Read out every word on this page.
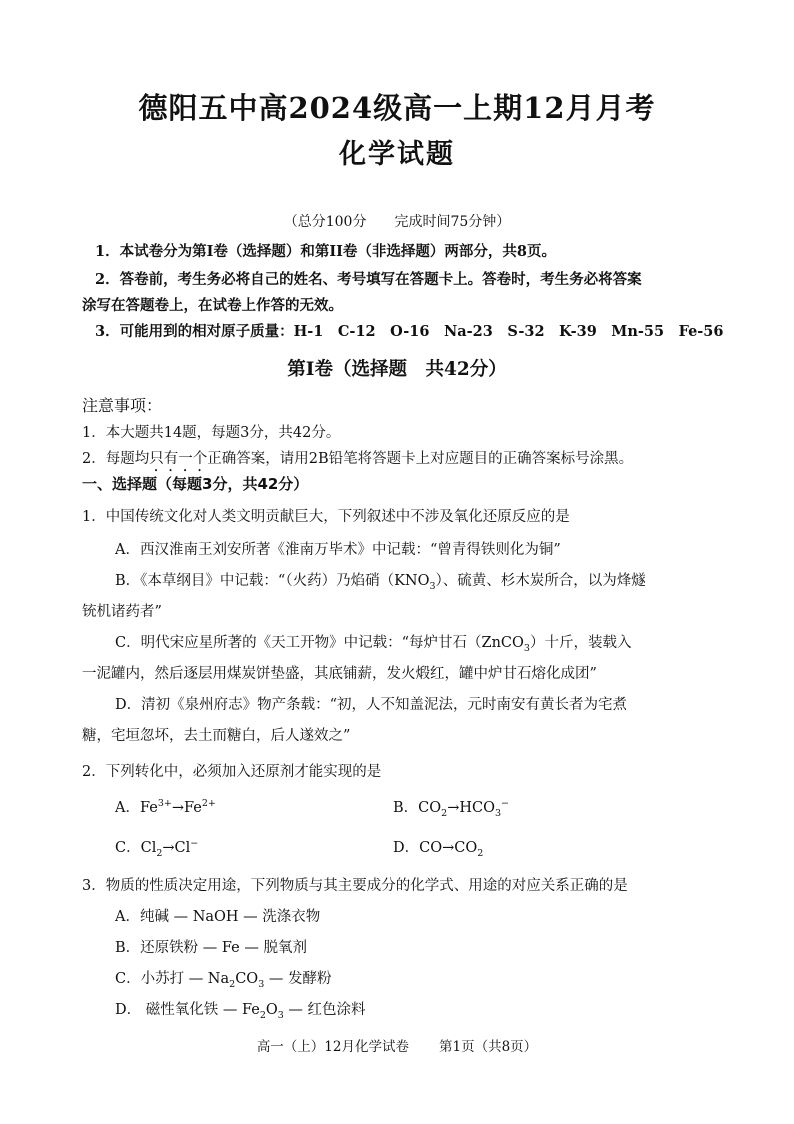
德阳五中高2024级高一上期12月月考
化学试题
（总分100分　　完成时间75分钟）
1．本试卷分为第I卷（选择题）和第II卷（非选择题）两部分，共8页。
2．答卷前，考生务必将自己的姓名、考号填写在答题卡上。答卷时，考生务必将答案
涂写在答题卷上，在试卷上作答的无效。
3．可能用到的相对原子质量：H-1　C-12　O-16　Na-23　S-32　K-39　Mn-55　Fe-56
第I卷（选择题　共42分）
注意事项：
1．本大题共14题，每题3分，共42分。
2．每题均只有一个正确答案，请用2B铅笔将答题卡上对应题目的正确答案标号涂黑。
一、选择题（每题3分，共42分）
1．中国传统文化对人类文明贡献巨大，下列叙述中不涉及氧化还原反应的是
A．西汉淮南王刘安所著《淮南万毕术》中记载：“曾青得铁则化为铜”
B．《本草纲目》中记载：“（火药）乃焰硝$(KNO_3)$、硫黄、杉木炭所合，以为烽燧
铳机诸药者”
C．明代宋应星所著的《天工开物》中记载：“每炉甘石（ZnCO$_3$）十斤，装载入
一泥罐内，然后逐层用煤炭饼垫盛，其底铺薪，发火煅红，罐中炉甘石熔化成团”
D．清初《泉州府志》物产条载：“初，人不知盖泥法，元时南安有黄长者为宅煮
糖，宅垣忽坏，去土而糖白，后人遂效之”
2．下列转化中，必须加入还原剂才能实现的是
A．$Fe^{3+}\to Fe^{2+}$	B．$CO_2\to HCO_3^-$
C．$Cl_2\to Cl^-$	D．$CO\to CO_2$
3．物质的性质决定用途，下列物质与其主要成分的化学式、用途的对应关系正确的是
A．纯碱 — NaOH — 洗涤衣物
B．还原铁粉 — Fe — 脱氧剂
C．小苏打 — $Na_2CO_3$ — 发酵粉
D． 磁性氧化铁 — $Fe_2O_3$ — 红色涂料
高一（上）12月化学试卷 第1页（共8页）
